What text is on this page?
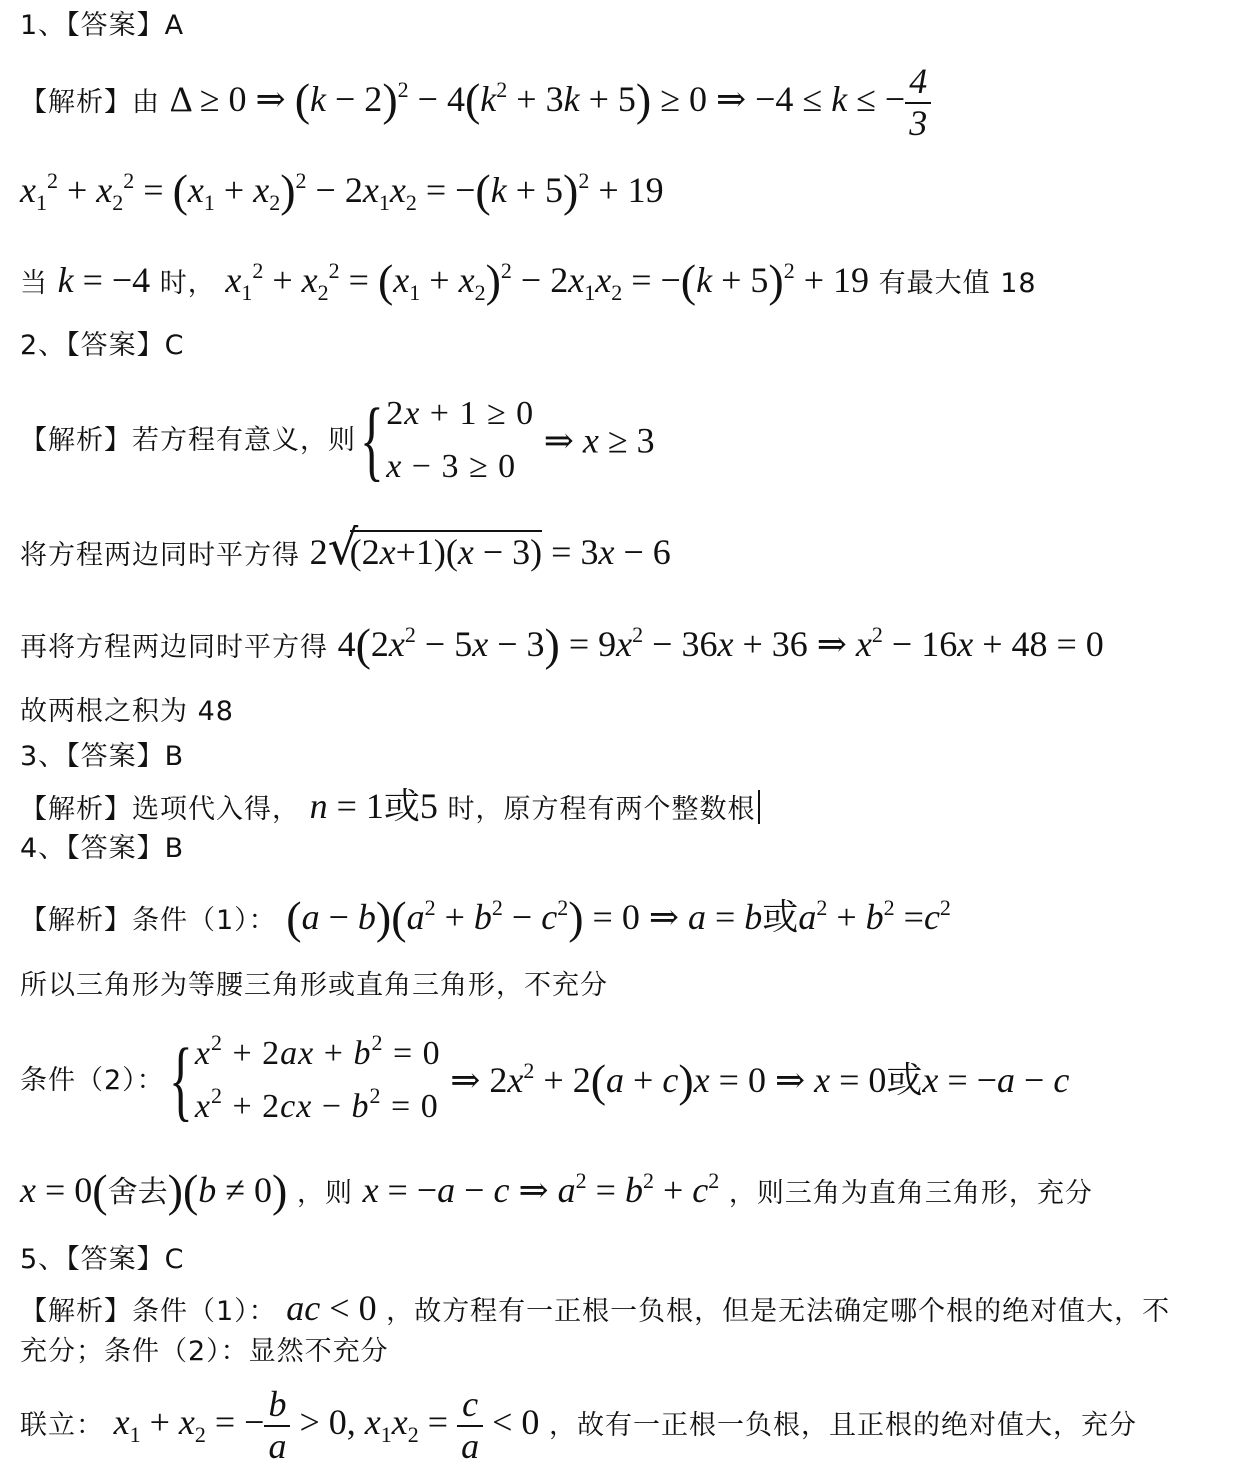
1、【答案】A
【解析】由 Δ ≥ 0 ⇒ $(k - 2)^2 - 4(k^2 + 3k + 5) \ge 0$ ⇒ −4 ≤ k ≤ − $\frac{4}{3}$
$x_1^2 + x_2^2 = (x_1 + x_2)^2 - 2x_1x_2 = -(k + 5)^2 + 19$
当 k = −4 时， $x_1^2 + x_2^2 = (x_1 + x_2)^2 - 2x_1x_2 = -(k + 5)^2 + 19$ 有最大值 18
2、【答案】C
【解析】若方程有意义，则{ 2x + 1 ≥ 0
x − 3 ≥ 0
⇒ x ≥ 3
将方程两边同时平方得 2 √
(2x+1)(x − 3) = 3x − 6
再将方程两边同时平方得 $4(2x^2 - 5x - 3) = 9x^2 - 36x + 36$ ⇒ $x^2 - 16x + 48 = 0$
故两根之积为 48
3、【答案】B
【解析】选项代入得， n = 1或5 时，原方程有两个整数根
4、【答案】B
【解析】条件（1）： $(a - b)(a^2 + b^2 - c^2) = 0$ ⇒ a = b或$a^2 + b^2 =c^2$
所以三角形为等腰三角形或直角三角形，不充分
条件（2）：{ $x^2 + 2ax + b^2 = 0$
$x^2 + 2cx - b^2 = 0$
⇒ $2x^2 + 2(a + c)x = 0$ ⇒ x = 0或x = −a − c
x = 0(舍去)(b ≠ 0) ，则 x = −a − c ⇒ $a^2 = b^2 + c^2$ ，则三角为直角三角形，充分
5、【答案】C
【解析】条件（1）： ac < 0 ，故方程有一正根一负根，但是无法确定哪个根的绝对值大，不
充分；条件（2）：显然不充分
联立： $x_1 + x_2$ = − $\frac{b}{a} > 0$, $x_1x_2 = \frac{c}{a} < 0$ ，故有一正根一负根，且正根的绝对值大，充分
